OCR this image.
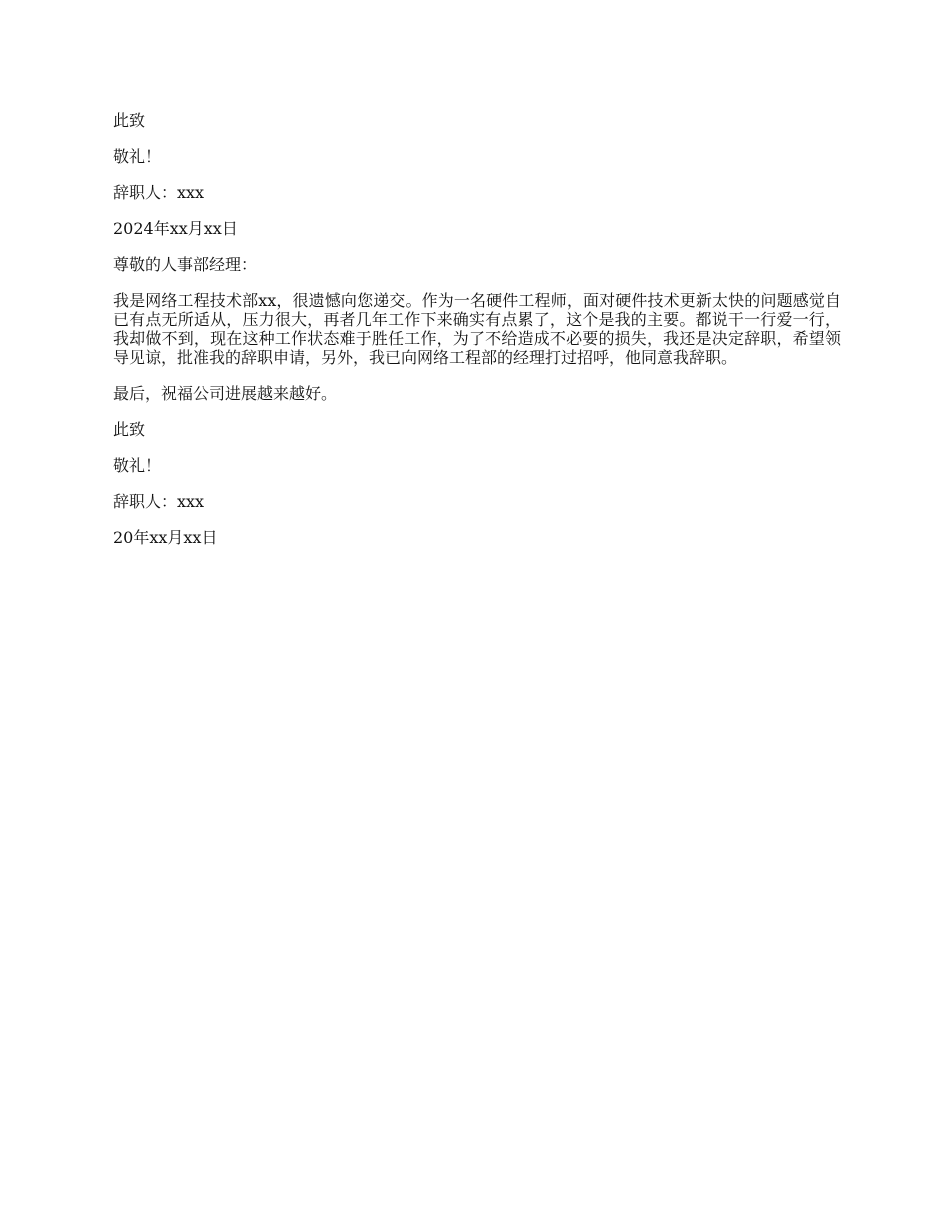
此致

敬礼！

辞职人：xxx

2024年xx月xx日

尊敬的人事部经理：

我是网络工程技术部xx，很遗憾向您递交。作为一名硬件工程师，面对硬件技术更新太快的问题感觉自已有点无所适从，压力很大，再者几年工作下来确实有点累了，这个是我的主要。都说干一行爱一行，我却做不到，现在这种工作状态难于胜任工作，为了不给造成不必要的损失，我还是决定辞职，希望领导见谅，批准我的辞职申请，另外，我已向网络工程部的经理打过招呼，他同意我辞职。

最后，祝福公司进展越来越好。

此致

敬礼！

辞职人：xxx

20年xx月xx日
